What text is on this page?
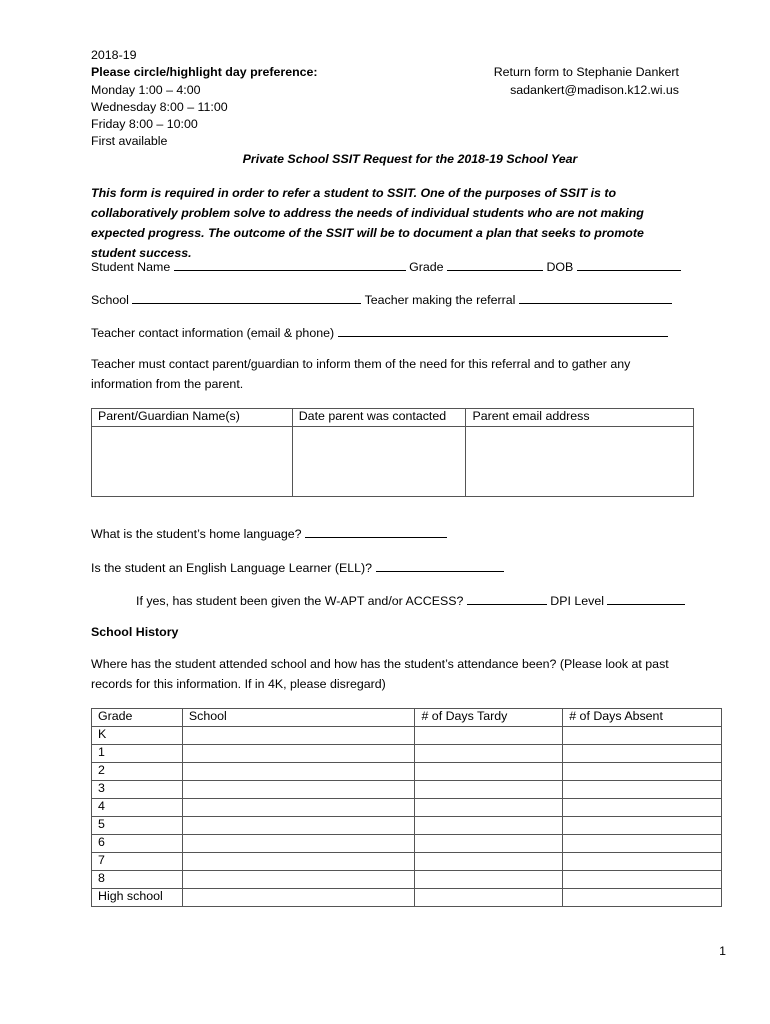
2018-19
Please circle/highlight day preference:
Monday 1:00 – 4:00
Wednesday 8:00 – 11:00
Friday 8:00 – 10:00
First available
Return form to Stephanie Dankert
sadankert@madison.k12.wi.us
Private School SSIT Request for the 2018-19 School Year
This form is required in order to refer a student to SSIT. One of the purposes of SSIT is to collaboratively problem solve to address the needs of individual students who are not making expected progress. The outcome of the SSIT will be to document a plan that seeks to promote student success.
Student Name	Grade	DOB
School	Teacher making the referral
Teacher contact information (email & phone)
Teacher must contact parent/guardian to inform them of the need for this referral and to gather any information from the parent.
Parent/Guardian Name(s)	Date parent was contacted	Parent email address

What is the student’s home language?
Is the student an English Language Learner (ELL)?
If yes, has student been given the W-APT and/or ACCESS?	DPI Level
School History
Where has the student attended school and how has the student’s attendance been? (Please look at past records for this information. If in 4K, please disregard)
Grade	School	# of Days Tardy	# of Days Absent
K			
1			
2			
3			
4			
5			
6			
7			
8			
High school			
1
